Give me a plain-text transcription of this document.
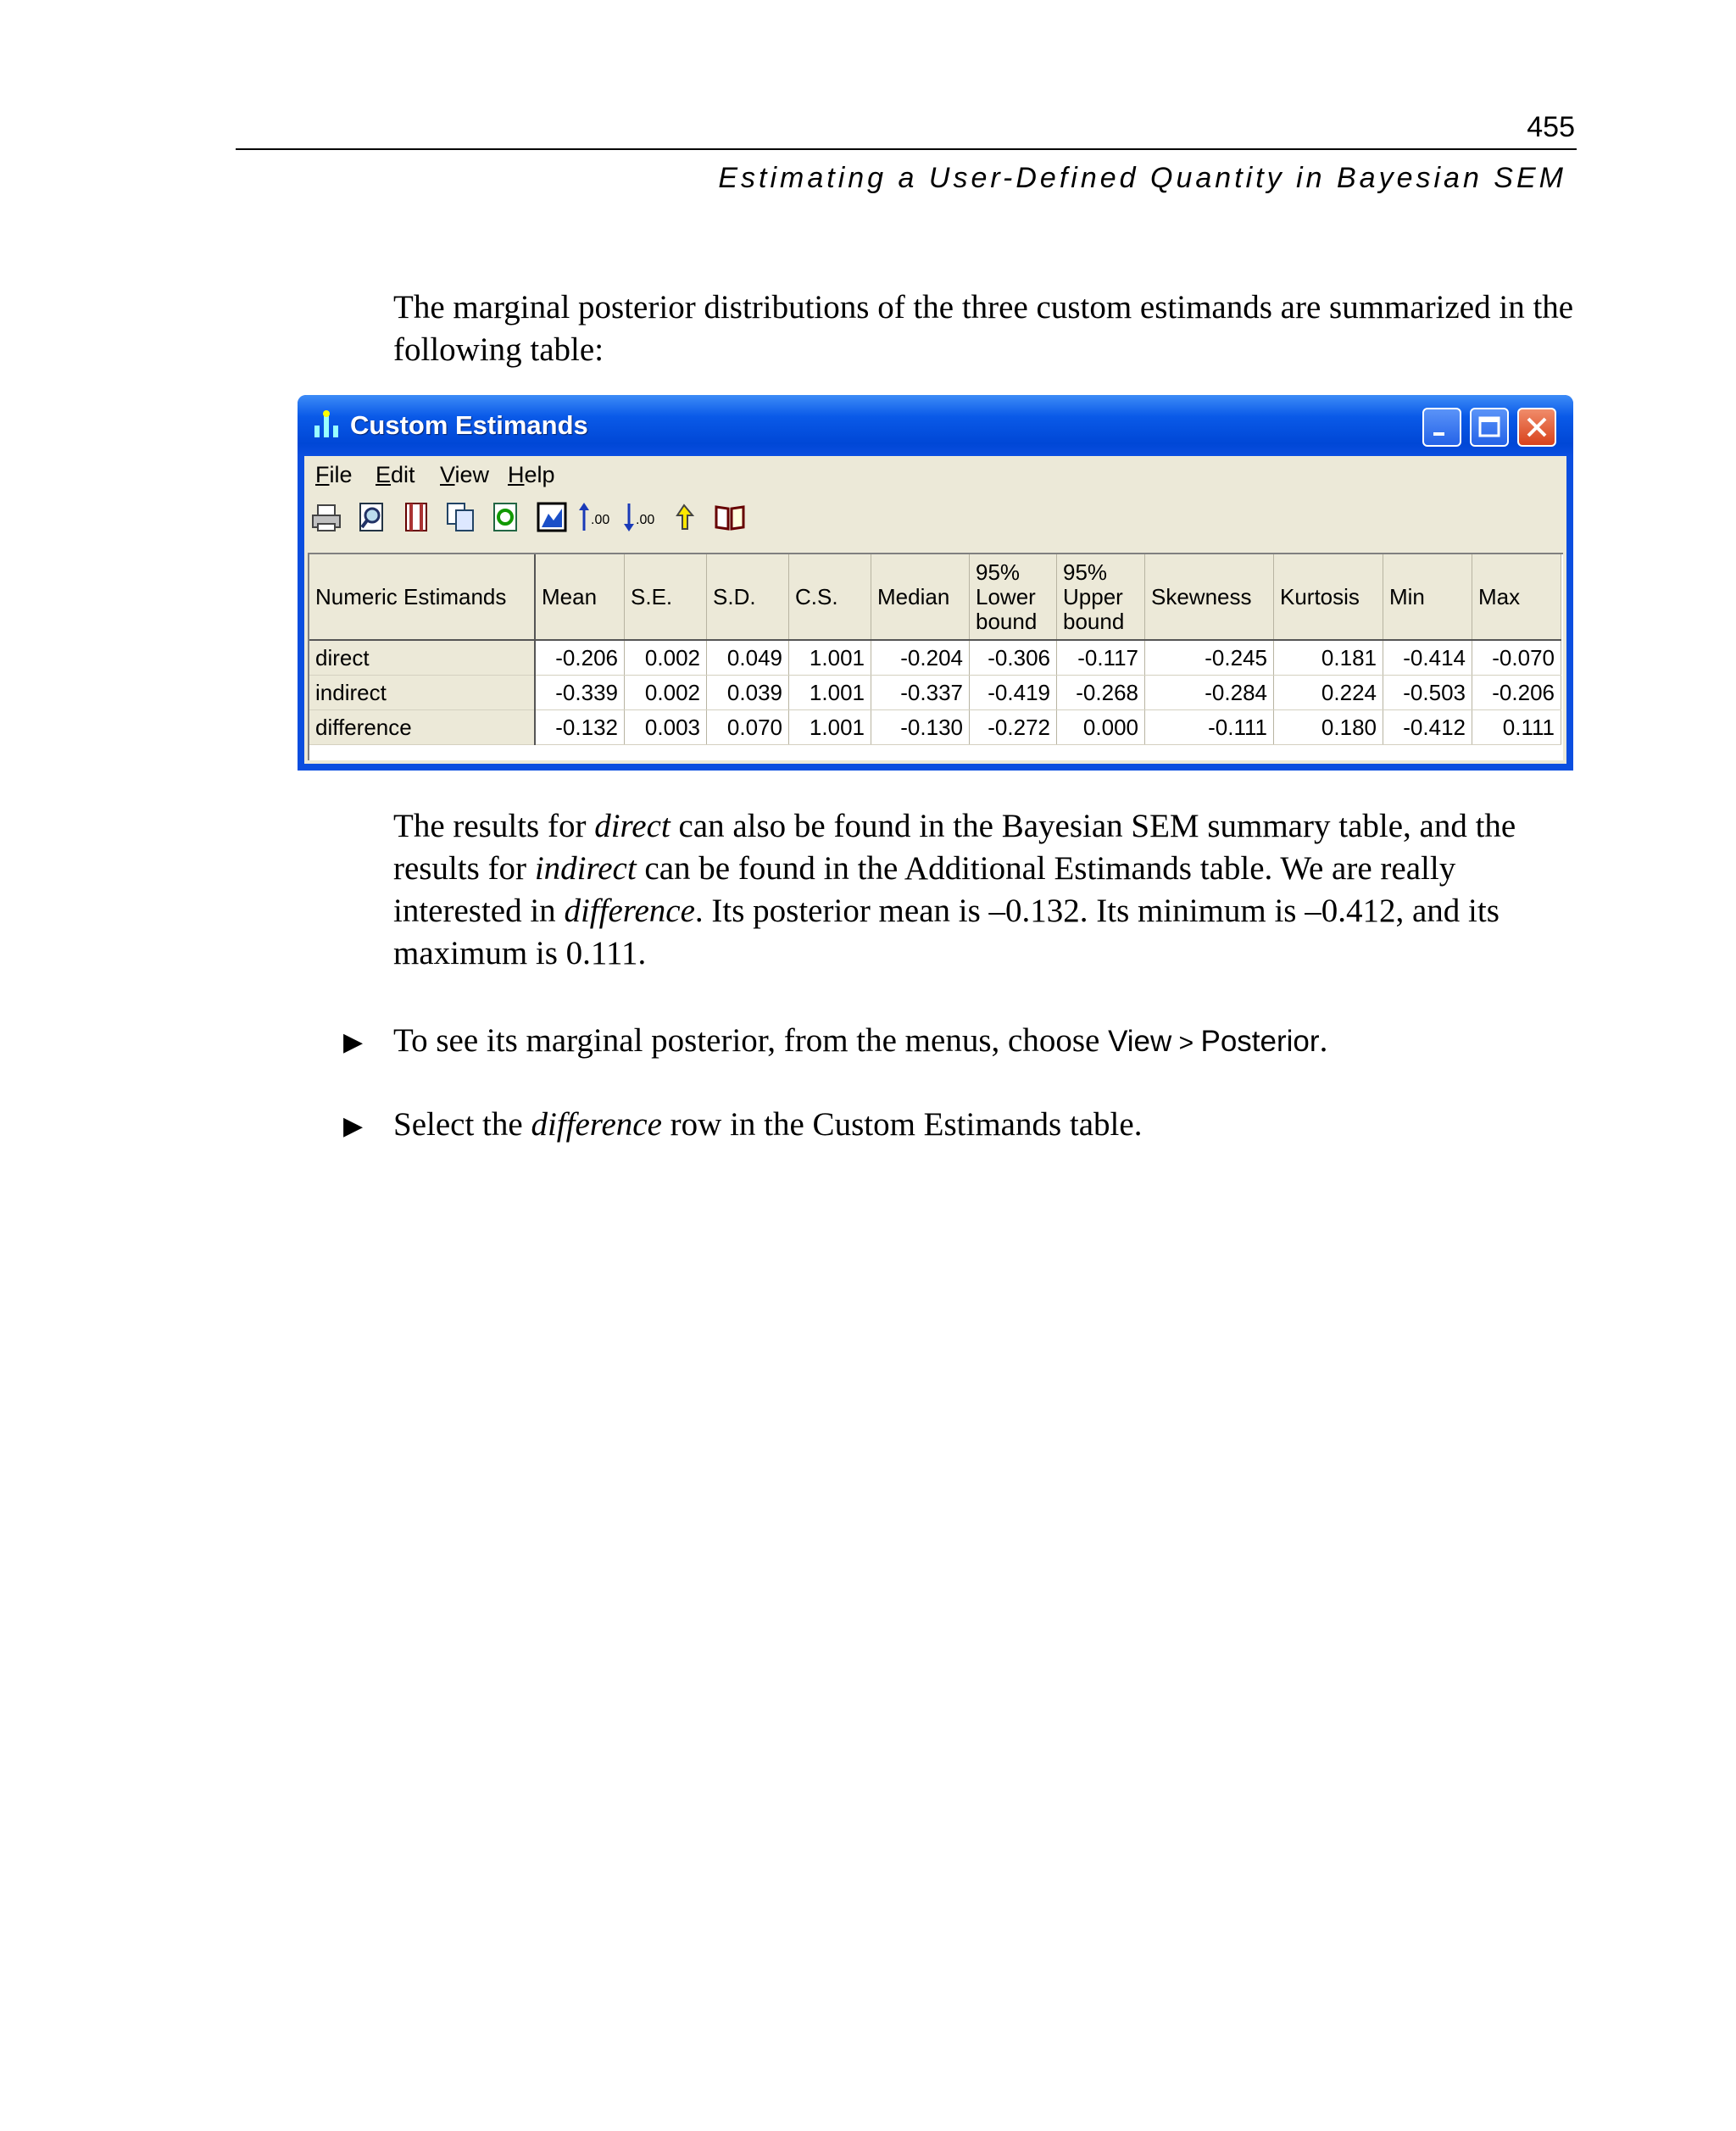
455
Estimating a User-Defined Quantity in Bayesian SEM
The marginal posterior distributions of the three custom estimands are summarized in the following table:
Custom Estimands
File Edit View Help
.00 .00
Numeric Estimands	Mean	S.E.	S.D.	C.S.	Median	95% Lower bound	95% Upper bound	Skewness	Kurtosis	Min	Max
direct	-0.206	0.002	0.049	1.001	-0.204	-0.306	-0.117	-0.245	0.181	-0.414	-0.070
indirect	-0.339	0.002	0.039	1.001	-0.337	-0.419	-0.268	-0.284	0.224	-0.503	-0.206
difference	-0.132	0.003	0.070	1.001	-0.130	-0.272	0.000	-0.111	0.180	-0.412	0.111
The results for direct can also be found in the Bayesian SEM summary table, and the results for indirect can be found in the Additional Estimands table. We are really interested in difference. Its posterior mean is –0.132. Its minimum is –0.412, and its maximum is 0.111.
▶ To see its marginal posterior, from the menus, choose View > Posterior.
▶ Select the difference row in the Custom Estimands table.
